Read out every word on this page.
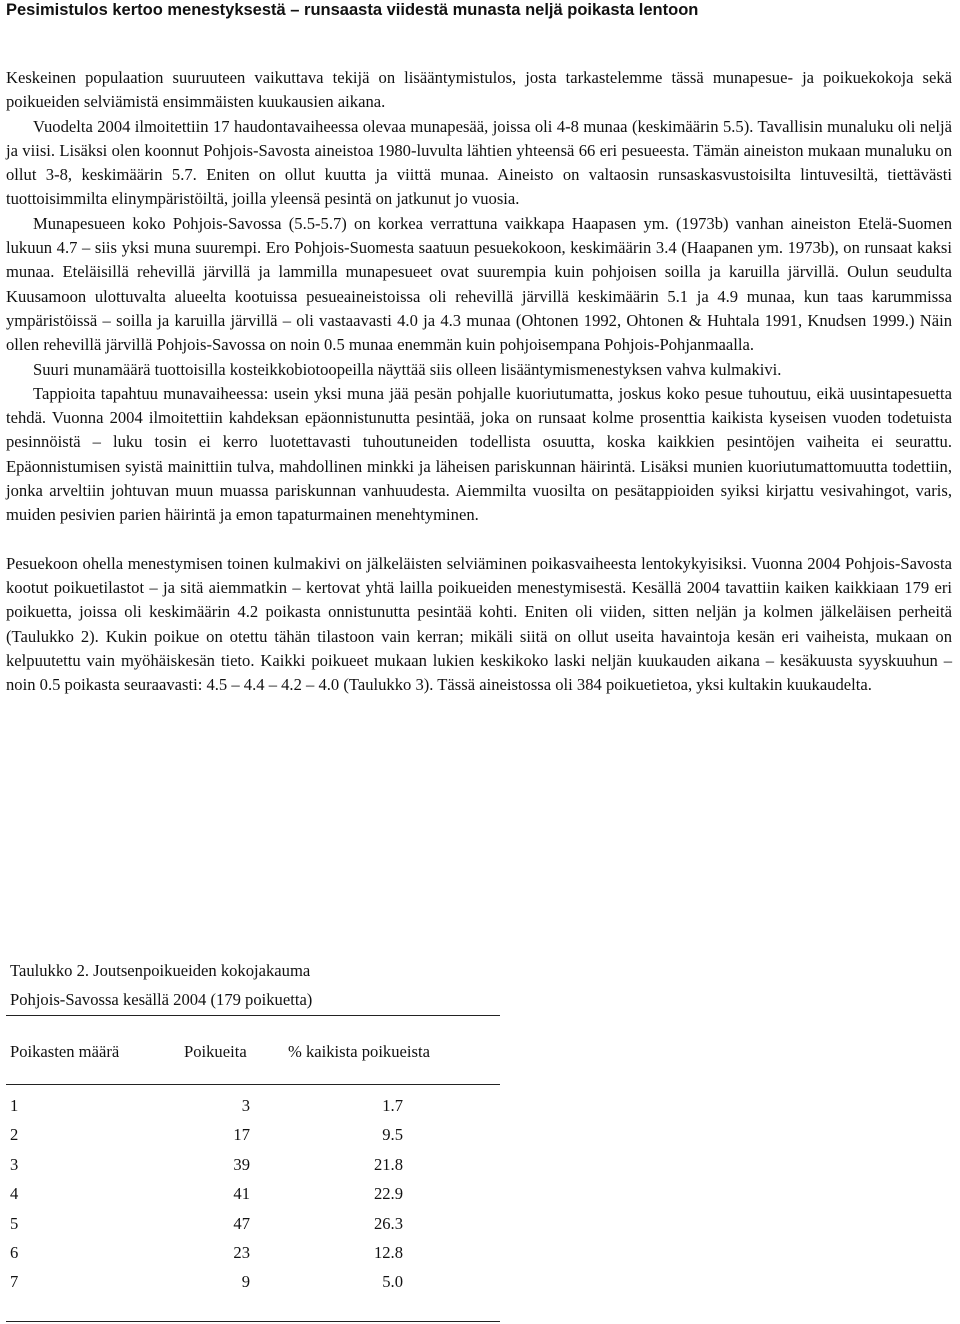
Pesimistulos kertoo menestyksestä – runsaasta viidestä munasta neljä poikasta lentoon

Keskeinen populaation suuruuteen vaikuttava tekijä on lisääntymistulos, josta tarkastelemme tässä munapesue- ja poikuekokoja sekä poikueiden selviämistä ensimmäisten kuukausien aikana.

Vuodelta 2004 ilmoitettiin 17 haudontavaiheessa olevaa munapesää, joissa oli 4-8 munaa (keskimäärin 5.5). Tavallisin munaluku oli neljä ja viisi. Lisäksi olen koonnut Pohjois-Savosta aineistoa 1980-luvulta lähtien yhteensä 66 eri pesueesta. Tämän aineiston mukaan munaluku on ollut 3-8, keskimäärin 5.7. Eniten on ollut kuutta ja viittä munaa. Aineisto on valtaosin runsaskasvustoisilta lintuvesiltä, tiettävästi tuottoisimmilta elinympäristöiltä, joilla yleensä pesintä on jatkunut jo vuosia.

Munapesueen koko Pohjois-Savossa (5.5-5.7) on korkea verrattuna vaikkapa Haapasen ym. (1973b) vanhan aineiston Etelä-Suomen lukuun 4.7 – siis yksi muna suurempi. Ero Pohjois-Suomesta saatuun pesuekokoon, keskimäärin 3.4 (Haapanen ym. 1973b), on runsaat kaksi munaa. Eteläisillä rehevillä järvillä ja lammilla munapesueet ovat suurempia kuin pohjoisen soilla ja karuilla järvillä. Oulun seudulta Kuusamoon ulottuvalta alueelta kootuissa pesueaineistoissa oli rehevillä järvillä keskimäärin 5.1 ja 4.9 munaa, kun taas karummissa ympäristöissä – soilla ja karuilla järvillä – oli vastaavasti 4.0 ja 4.3 munaa (Ohtonen 1992, Ohtonen & Huhtala 1991, Knudsen 1999.) Näin ollen rehevillä järvillä Pohjois-Savossa on noin 0.5 munaa enemmän kuin pohjoisempana Pohjois-Pohjanmaalla.

Suuri munamäärä tuottoisilla kosteikkobiotoopeilla näyttää siis olleen lisääntymismenestyksen vahva kulmakivi.

Tappioita tapahtuu munavaiheessa: usein yksi muna jää pesän pohjalle kuoriutumatta, joskus koko pesue tuhoutuu, eikä uusintapesuetta tehdä. Vuonna 2004 ilmoitettiin kahdeksan epäonnistunutta pesintää, joka on runsaat kolme prosenttia kaikista kyseisen vuoden todetuista pesinnöistä – luku tosin ei kerro luotettavasti tuhoutuneiden todellista osuutta, koska kaikkien pesintöjen vaiheita ei seurattu. Epäonnistumisen syistä mainittiin tulva, mahdollinen minkki ja läheisen pariskunnan häirintä. Lisäksi munien kuoriutumattomuutta todettiin, jonka arveltiin johtuvan muun muassa pariskunnan vanhuudesta. Aiemmilta vuosilta on pesätappioiden syiksi kirjattu vesivahingot, varis, muiden pesivien parien häirintä ja emon tapaturmainen menehtyminen.

Pesuekoon ohella menestymisen toinen kulmakivi on jälkeläisten selviäminen poikasvaiheesta lentokykyisiksi. Vuonna 2004 Pohjois-Savosta kootut poikuetilastot – ja sitä aiemmatkin – kertovat yhtä lailla poikueiden menestymisestä. Kesällä 2004 tavattiin kaiken kaikkiaan 179 eri poikuetta, joissa oli keskimäärin 4.2 poikasta onnistunutta pesintää kohti. Eniten oli viiden, sitten neljän ja kolmen jälkeläisen perheitä (Taulukko 2). Kukin poikue on otettu tähän tilastoon vain kerran; mikäli siitä on ollut useita havaintoja kesän eri vaiheista, mukaan on kelpuutettu vain myöhäiskesän tieto. Kaikki poikueet mukaan lukien keskikoko laski neljän kuukauden aikana – kesäkuusta syyskuuhun – noin 0.5 poikasta seuraavasti: 4.5 – 4.4 – 4.2 – 4.0 (Taulukko 3). Tässä aineistossa oli 384 poikuetietoa, yksi kultakin kuukaudelta.

Taulukko 2. Joutsenpoikueiden kokojakauma
Pohjois-Savossa kesällä 2004 (179 poikuetta)
Poikasten määrä	Poikueita % kaikista poikueista
1	3	1.7
2	17	9.5
3	39	21.8
4	41	22.9
5	47	26.3
6	23	12.8
7	9	5.0
